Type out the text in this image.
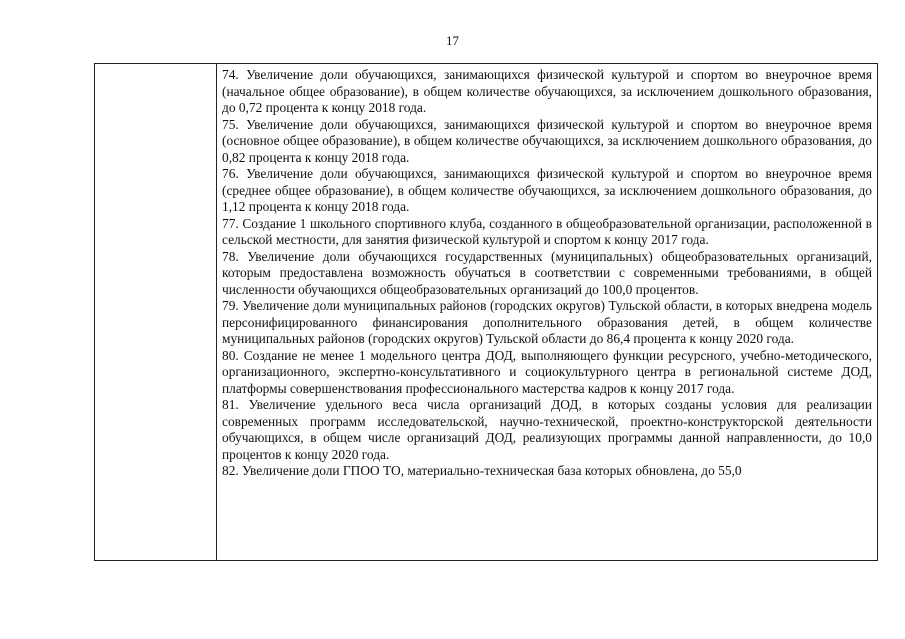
17

74. Увеличение доли обучающихся, занимающихся физической культурой и спортом во внеурочное время (начальное общее образование), в общем количестве обучающихся, за исключением дошкольного образования, до 0,72 процента к концу 2018 года.

75. Увеличение доли обучающихся, занимающихся физической культурой и спортом во внеурочное время (основное общее образование), в общем количестве обучающихся, за исключением дошкольного образования, до 0,82 процента к концу 2018 года.

76. Увеличение доли обучающихся, занимающихся физической культурой и спортом во внеурочное время (среднее общее образование), в общем количестве обучающихся, за исключением дошкольного образования, до 1,12 процента к концу 2018 года.

77. Создание 1 школьного спортивного клуба, созданного в общеобразовательной организации, расположенной в сельской местности, для занятия физической культурой и спортом к концу 2017 года.

78. Увеличение доли обучающихся государственных (муниципальных) общеобразовательных организаций, которым предоставлена возможность обучаться в соответствии с современными требованиями, в общей численности обучающихся общеобразовательных организаций до 100,0 процентов.

79. Увеличение доли муниципальных районов (городских округов) Тульской области, в которых внедрена модель персонифицированного финансирования дополнительного образования детей, в общем количестве муниципальных районов (городских округов) Тульской области до 86,4 процента к концу 2020 года.

80. Создание не менее 1 модельного центра ДОД, выполняющего функции ресурсного, учебно-методического, организационного, экспертно-консультативного и социокультурного центра в региональной системе ДОД, платформы совершенствования профессионального мастерства кадров к концу 2017 года.

81. Увеличение удельного веса числа организаций ДОД, в которых созданы условия для реализации современных программ исследовательской, научно-технической, проектно-конструкторской деятельности обучающихся, в общем числе организаций ДОД, реализующих программы данной направленности, до 10,0 процентов к концу 2020 года.

82. Увеличение доли ГПОО ТО, материально-техническая база которых обновлена, до 55,0
